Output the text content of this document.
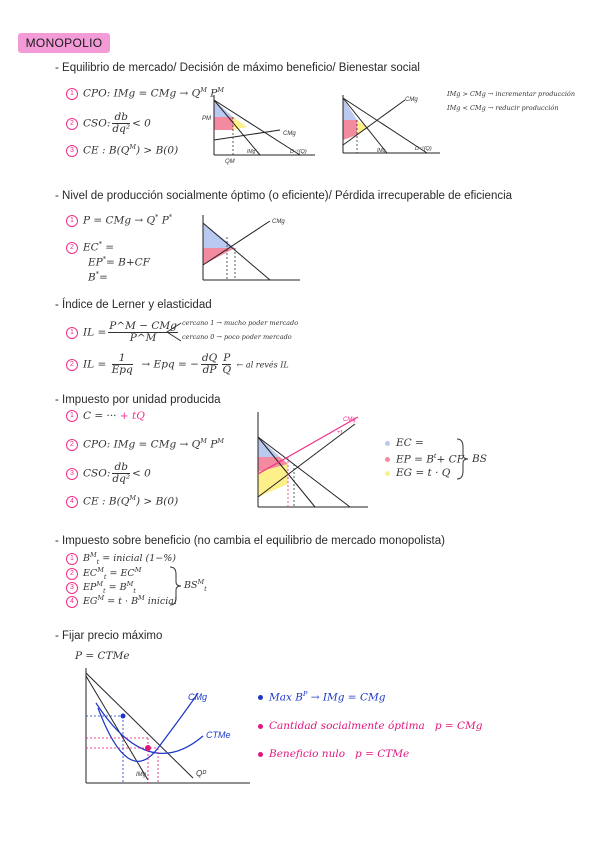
MONOPOLIO
- Equilibrio de mercado/ Decisión de máximo beneficio/ Bienestar social
1 CPO: IMg = CMg → $Q^M$ $P^M$
2 CSO: $\frac{db}{\text{dq²}} < 0$
3 CE : $B(Q^M) > B(0)$
PM
QM
CMg
IMg	D⁻¹(Q)
CMg
IMg	D⁻¹(Q)
IMg > CMg → incrementar producción
IMg < CMg → reducir producción
- Nivel de producción socialmente óptimo (o eficiente)/ Pérdida irrecuperable de eficiencia
1 P = CMg → Q* P*
2 EC* =
EP*= B+CF
B*=
CMg
- Índice de Lerner y elasticidad
1 IL = $\frac{\text{P\textasciicircum{}M − CMg}}{P\^{}M}$ cercano 1 → mucho poder mercado
cercano 0 → poco poder mercado
2 IL = $\frac{1}{\text{Epq}}$ → Epq = − $\frac{dQ}{dP} \frac{P}{Q}$ ← al revés IL
- Impuesto por unidad producida
1 C = ··· + tQ
2 CPO: IMg = CMg → $Q^M$ $P^M$
3 CSO: $\frac{db}{\text{dq²}} < 0$
4 CE : $B(Q^M) > B(0)$
CMg
+t
EC =
EP = $B^t+$ CF
EG = t · Q
BS
- Impuesto sobre beneficio (no cambia el equilibrio de mercado monopolista)
1 $B^M_t$ = inicial (1−%)
2 $EC^M_t = EC^M$
3 $EP^M_t = B^M_t$
4 $EG^M = t \cdot B^M$ inicial
$BS^M_t$
- Fijar precio máximo
P = CTMe
CMg
CTMe
IMg	Qᴰ
Max $B^P$ → IMg = CMg
Cantidad socialmente óptima p = CMg
Beneficio nulo p = CTMe
